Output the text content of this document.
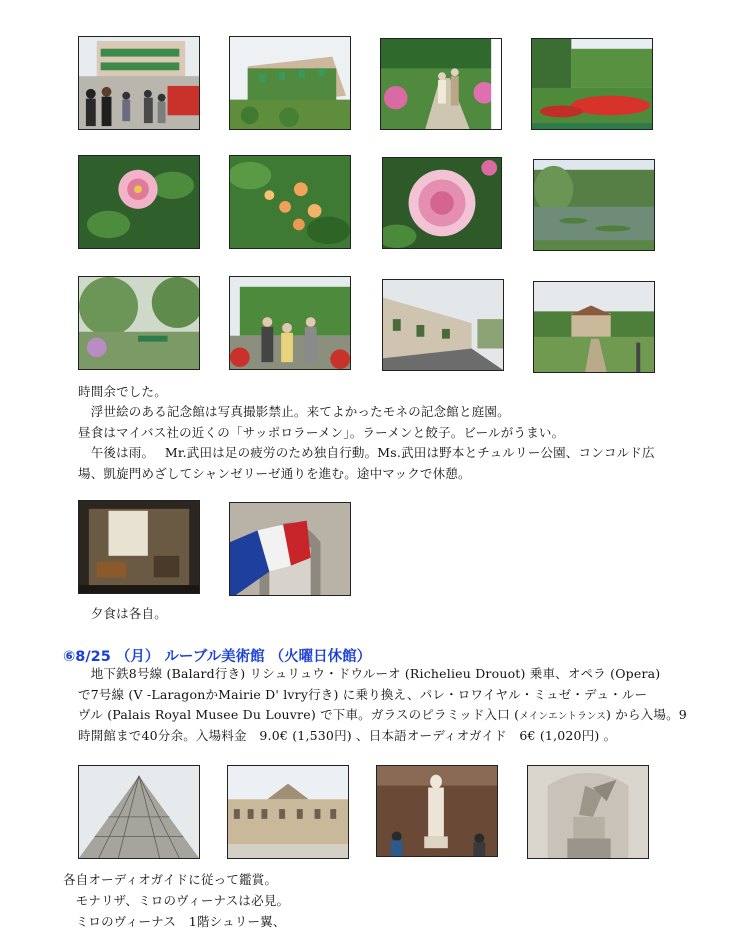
時間余でした。
　浮世絵のある記念館は写真撮影禁止。来てよかったモネの記念館と庭園。
昼食はマイバス社の近くの「サッポロラーメン」。ラーメンと餃子。ビールがうまい。
　午後は雨。　 Mr.武田は足の疲労のため独自行動。Ms.武田は野本とチュルリー公園、コンコルド広
場、凱旋門めざしてシャンゼリーゼ通りを進む。途中マックで休憩。
　夕食は各自。
⑥8/25 （月） ルーブル美術館 （火曜日休館）
　地下鉄8号線 (Balard行き) リシュリュウ・ドウルーオ (Richelieu Drouot) 乗車、オペラ (Opera)
で7号線 (V -LaragonかMairie D' lvry行き) に乗り換え、パレ・ロワイヤル・ミュゼ・デュ・ルー
ヴル (Palais Royal Musee Du Louvre) で下車。ガラスのピラミッド入口 (メインエントランス) から入場。9
時開館まで40分余。入場料金　9.0€ (1,530円) 、日本語オーディオガイド　6€ (1,020円) 。
各自オーディオガイドに従って鑑賞。
　モナリザ、ミロのヴィーナスは必見。
　ミロのヴィーナス　1階シュリー翼、
